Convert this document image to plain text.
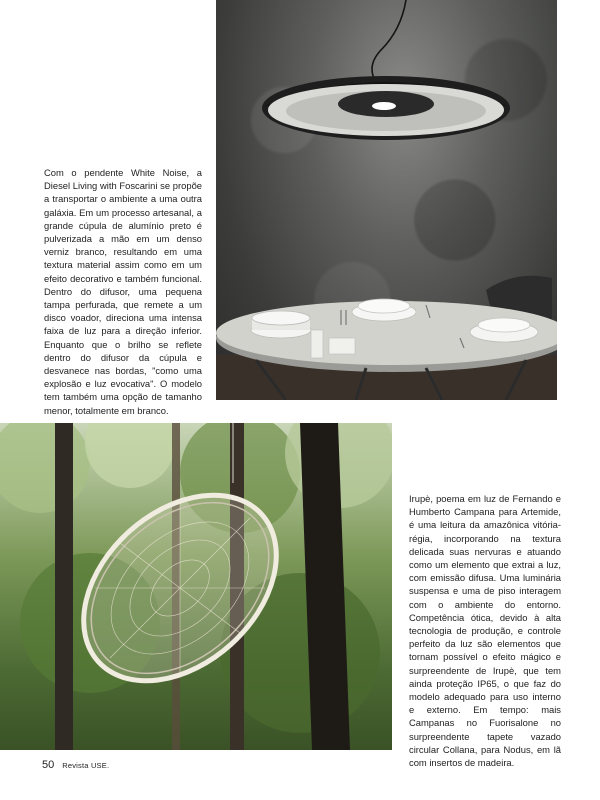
Com o pendente White Noise, a Diesel Living with Foscarini se propõe a transportar o ambiente a uma outra galáxia. Em um processo artesanal, a grande cúpula de alumínio preto é pulverizada a mão em um denso verniz branco, resultando em uma textura material assim como em um efeito decorativo e também funcional. Dentro do difusor, uma pequena tampa perfurada, que remete a um disco voador, direciona uma intensa faixa de luz para a direção inferior. Enquanto que o brilho se reflete dentro do difusor da cúpula e desvanece nas bordas, "como uma explosão e luz evocativa". O modelo tem também uma opção de tamanho menor, totalmente em branco.
Irupè, poema em luz de Fernando e Humberto Campana para Artemide, é uma leitura da amazônica vitória-régia, incorporando na textura delicada suas nervuras e atuando como um elemento que extrai a luz, com emissão difusa. Uma luminária suspensa e uma de piso interagem com o ambiente do entorno. Competência ótica, devido à alta tecnologia de produção, e controle perfeito da luz são elementos que tornam possível o efeito mágico e surpreendente de Irupè, que tem ainda proteção IP65, o que faz do modelo adequado para uso interno e externo. Em tempo: mais Campanas no Fuorisalone no surpreendente tapete vazado circular Collana, para Nodus, em lã com insertos de madeira.
50 Revista USE.
